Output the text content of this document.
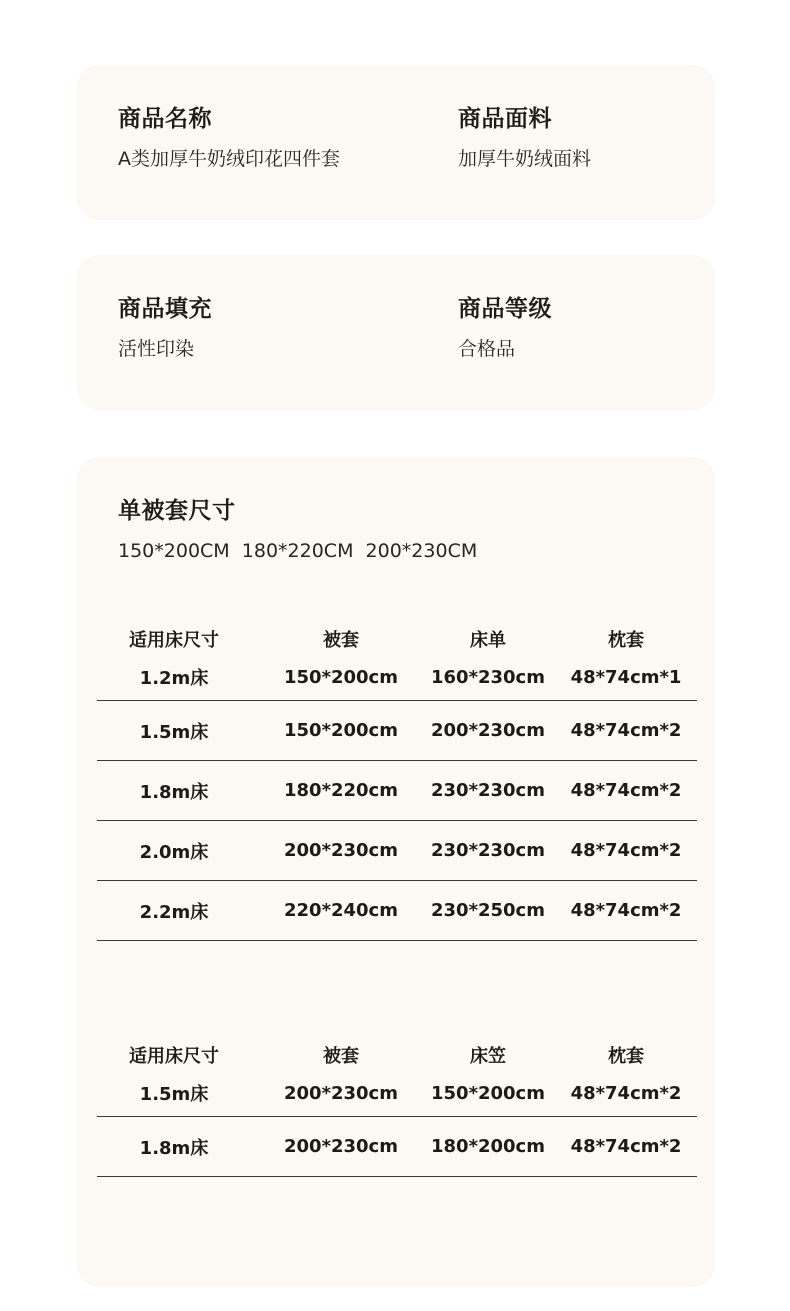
商品名称
A类加厚牛奶绒印花四件套
商品面料
加厚牛奶绒面料
商品填充
活性印染
商品等级
合格品
单被套尺寸
150*200CM  180*220CM  200*230CM
适用床尺寸	被套	床单	枕套
1.2m床	150*200cm	160*230cm	48*74cm*1
1.5m床	150*200cm	200*230cm	48*74cm*2
1.8m床	180*220cm	230*230cm	48*74cm*2
2.0m床	200*230cm	230*230cm	48*74cm*2
2.2m床	220*240cm	230*250cm	48*74cm*2
适用床尺寸	被套	床笠	枕套
1.5m床	200*230cm	150*200cm	48*74cm*2
1.8m床	200*230cm	180*200cm	48*74cm*2
